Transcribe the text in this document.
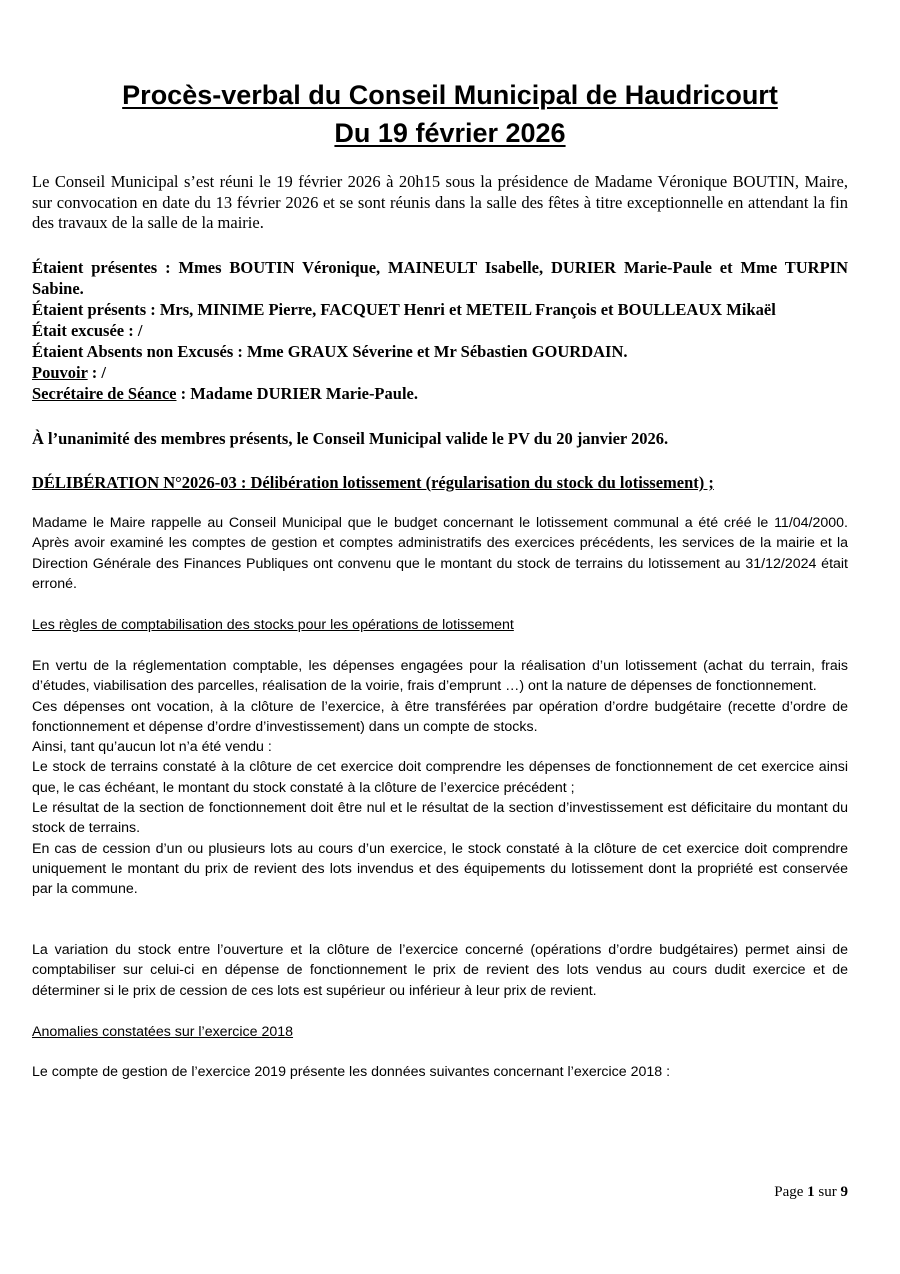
Procès-verbal du Conseil Municipal de Haudricourt
Du 19 février 2026

Le Conseil Municipal s’est réuni le 19 février 2026 à 20h15 sous la présidence de Madame Véronique BOUTIN, Maire, sur convocation en date du 13 février 2026 et se sont réunis dans la salle des fêtes à titre exceptionnelle en attendant la fin des travaux de la salle de la mairie.

Étaient présentes : Mmes BOUTIN Véronique, MAINEULT Isabelle, DURIER Marie-Paule et Mme TURPIN Sabine.
Étaient présents : Mrs, MINIME Pierre, FACQUET Henri et METEIL François et BOULLEAUX Mikaël
Était excusée : /
Étaient Absents non Excusés : Mme GRAUX Séverine et Mr Sébastien GOURDAIN.
Pouvoir : /
Secrétaire de Séance : Madame DURIER Marie-Paule.

À l’unanimité des membres présents, le Conseil Municipal valide le PV du 20 janvier 2026.

DÉLIBÉRATION N°2026-03 : Délibération lotissement (régularisation du stock du lotissement) ;

Madame le Maire rappelle au Conseil Municipal que le budget concernant le lotissement communal a été créé le 11/04/2000. Après avoir examiné les comptes de gestion et comptes administratifs des exercices précédents, les services de la mairie et la Direction Générale des Finances Publiques ont convenu que le montant du stock de terrains du lotissement au 31/12/2024 était erroné.

Les règles de comptabilisation des stocks pour les opérations de lotissement

En vertu de la réglementation comptable, les dépenses engagées pour la réalisation d’un lotissement (achat du terrain, frais d’études, viabilisation des parcelles, réalisation de la voirie, frais d’emprunt …) ont la nature de dépenses de fonctionnement.

Ces dépenses ont vocation, à la clôture de l’exercice, à être transférées par opération d’ordre budgétaire (recette d’ordre de fonctionnement et dépense d’ordre d’investissement) dans un compte de stocks.

Ainsi, tant qu’aucun lot n’a été vendu :

Le stock de terrains constaté à la clôture de cet exercice doit comprendre les dépenses de fonctionnement de cet exercice ainsi que, le cas échéant, le montant du stock constaté à la clôture de l’exercice précédent ;

Le résultat de la section de fonctionnement doit être nul et le résultat de la section d’investissement est déficitaire du montant du stock de terrains.

En cas de cession d’un ou plusieurs lots au cours d’un exercice, le stock constaté à la clôture de cet exercice doit comprendre uniquement le montant du prix de revient des lots invendus et des équipements du lotissement dont la propriété est conservée par la commune.

La variation du stock entre l’ouverture et la clôture de l’exercice concerné (opérations d’ordre budgétaires) permet ainsi de comptabiliser sur celui-ci en dépense de fonctionnement le prix de revient des lots vendus au cours dudit exercice et de déterminer si le prix de cession de ces lots est supérieur ou inférieur à leur prix de revient.

Anomalies constatées sur l’exercice 2018

Le compte de gestion de l’exercice 2019 présente les données suivantes concernant l’exercice 2018 :

Page 1 sur 9
